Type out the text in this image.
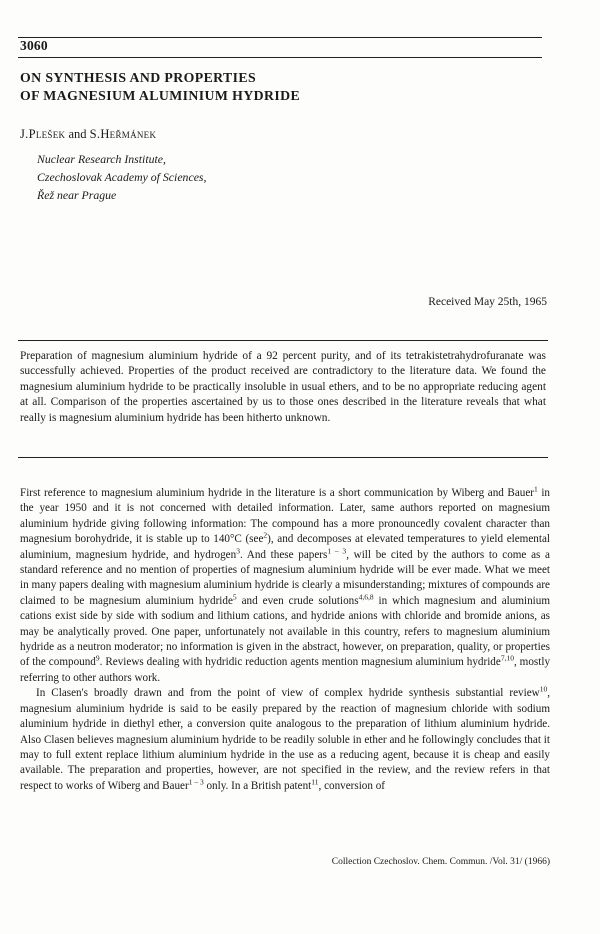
3060
ON SYNTHESIS AND PROPERTIES
OF MAGNESIUM ALUMINIUM HYDRIDE
J.Plešek and S.Heřmánek
Nuclear Research Institute,
Czechoslovak Academy of Sciences,
Řež near Prague
Received May 25th, 1965
Preparation of magnesium aluminium hydride of a 92 percent purity, and of its tetrakistetrahydrofuranate was successfully achieved. Properties of the product received are contradictory to the literature data. We found the magnesium aluminium hydride to be practically insoluble in usual ethers, and to be no appropriate reducing agent at all. Comparison of the properties ascertained by us to those ones described in the literature reveals that what really is magnesium aluminium hydride has been hitherto unknown.

First reference to magnesium aluminium hydride in the literature is a short communication by Wiberg and Bauer$^1$ in the year 1950 and it is not concerned with detailed information. Later, same authors reported on magnesium aluminium hydride giving following information: The compound has a more pronouncedly covalent character than magnesium borohydride, it is stable up to 140°C (see$^2$), and decomposes at elevated temperatures to yield elemental aluminium, magnesium hydride, and hydrogen$^3$. And these papers$^{1 - 3}$, will be cited by the authors to come as a standard reference and no mention of properties of magnesium aluminium hydride will be ever made. What we meet in many papers dealing with magnesium aluminium hydride is clearly a misunderstanding; mixtures of compounds are claimed to be magnesium aluminium hydride$^5$ and even crude solutions$^{4,6,8}$ in which magnesium and aluminium cations exist side by side with sodium and lithium cations, and hydride anions with chloride and bromide anions, as may be analytically proved. One paper, unfortunately not available in this country, refers to magnesium aluminium hydride as a neutron moderator; no information is given in the abstract, however, on preparation, quality, or properties of the compound$^9$. Reviews dealing with hydridic reduction agents mention magnesium aluminium hydride$^{7,10}$, mostly referring to other authors work.

In Clasen's broadly drawn and from the point of view of complex hydride synthesis substantial review$^{10}$, magnesium aluminium hydride is said to be easily prepared by the reaction of magnesium chloride with sodium aluminium hydride in diethyl ether, a conversion quite analogous to the preparation of lithium aluminium hydride. Also Clasen believes magnesium aluminium hydride to be readily soluble in ether and he followingly concludes that it may to full extent replace lithium aluminium hydride in the use as a reducing agent, because it is cheap and easily available. The preparation and properties, however, are not specified in the review, and the review refers in that respect to works of Wiberg and Bauer$^{1 - 3}$ only. In a British patent$^{11}$, conversion of

Collection Czechoslov. Chem. Commun. /Vol. 31/ (1966)
